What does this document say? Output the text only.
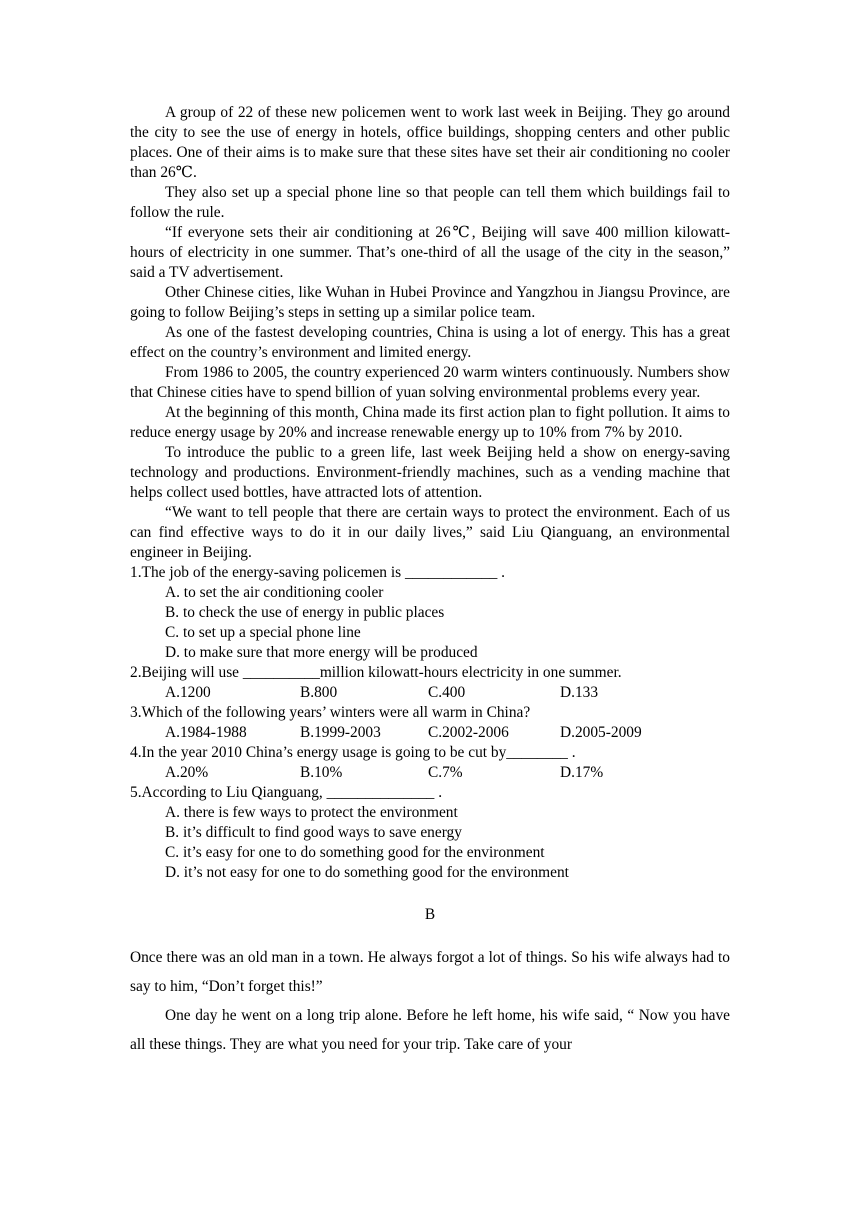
A group of 22 of these new policemen went to work last week in Beijing. They go around the city to see the use of energy in hotels, office buildings, shopping centers and other public places. One of their aims is to make sure that these sites have set their air conditioning no cooler than 26℃.

They also set up a special phone line so that people can tell them which buildings fail to follow the rule.

“If everyone sets their air conditioning at 26℃, Beijing will save 400 million kilowatt-hours of electricity in one summer. That’s one-third of all the usage of the city in the season,” said a TV advertisement.

Other Chinese cities, like Wuhan in Hubei Province and Yangzhou in Jiangsu Province, are going to follow Beijing’s steps in setting up a similar police team.

As one of the fastest developing countries, China is using a lot of energy. This has a great effect on the country’s environment and limited energy.

From 1986 to 2005, the country experienced 20 warm winters continuously. Numbers show that Chinese cities have to spend billion of yuan solving environmental problems every year.

At the beginning of this month, China made its first action plan to fight pollution. It aims to reduce energy usage by 20% and increase renewable energy up to 10% from 7% by 2010.

To introduce the public to a green life, last week Beijing held a show on energy-saving technology and productions. Environment-friendly machines, such as a vending machine that helps collect used bottles, have attracted lots of attention.

“We want to tell people that there are certain ways to protect the environment. Each of us can find effective ways to do it in our daily lives,” said Liu Qianguang, an environmental engineer in Beijing.

1.The job of the energy-saving policemen is ____________ .

A. to set the air conditioning cooler

B. to check the use of energy in public places

C. to set up a special phone line

D. to make sure that more energy will be produced

2.Beijing will use __________million kilowatt-hours electricity in one summer.

A.1200	B.800	C.400	D.133

3.Which of the following years’ winters were all warm in China?

A.1984-1988	B.1999-2003	C.2002-2006	D.2005-2009

4.In the year 2010 China’s energy usage is going to be cut by________ .

A.20%	B.10%	C.7%	D.17%

5.According to Liu Qianguang, ______________ .

A. there is few ways to protect the environment

B. it’s difficult to find good ways to save energy

C. it’s easy for one to do something good for the environment

D. it’s not easy for one to do something good for the environment

B

Once there was an old man in a town. He always forgot a lot of things. So his wife always had to say to him, “Don’t forget this!”

One day he went on a long trip alone. Before he left home, his wife said, “ Now you have all these things. They are what you need for your trip. Take care of your
